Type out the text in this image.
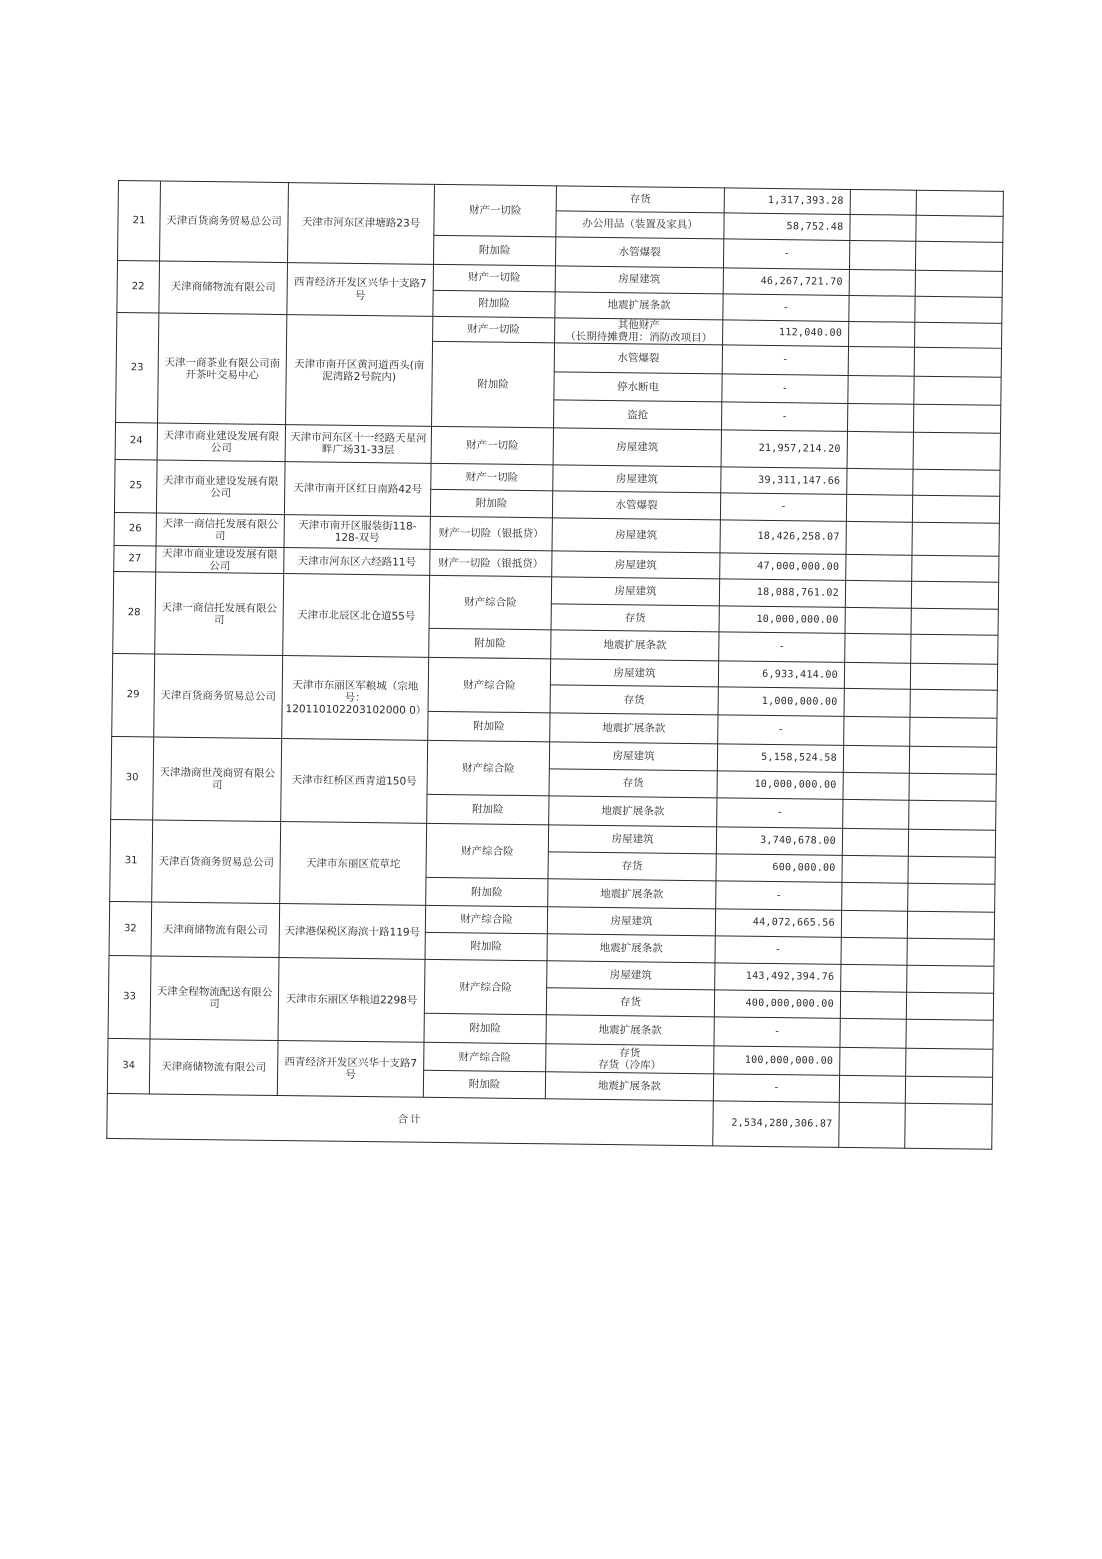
21	天津百货商务贸易总公司	天津市河东区津塘路23号	财产一切险	存货	1,317,393.28		
				办公用品（装置及家具）	58,752.48		
			附加险	水管爆裂	-		
22	天津商储物流有限公司	西青经济开发区兴华十支路7号	财产一切险	房屋建筑	46,267,721.70		
			附加险	地震扩展条款	-		
23	天津一商茶业有限公司南开茶叶交易中心	天津市南开区黄河道西头(南泥湾路2号院内)	财产一切险	其他财产
（长期待摊费用：消防改项目）	112,040.00		
			附加险	水管爆裂	-		
				停水断电	-		
				盗抢	-		
24	天津市商业建设发展有限公司	天津市河东区十一经路天星河畔广场31-33层	财产一切险	房屋建筑	21,957,214.20		
25	天津市商业建设发展有限公司	天津市南开区红日南路42号	财产一切险	房屋建筑	39,311,147.66		
			附加险	水管爆裂	-		
26	天津一商信托发展有限公司	天津市南开区服装街118-128-双号	财产一切险（银抵贷）	房屋建筑	18,426,258.07		
27	天津市商业建设发展有限公司	天津市河东区六经路11号	财产一切险（银抵贷）	房屋建筑	47,000,000.00		
28	天津一商信托发展有限公司	天津市北辰区北仓道55号	财产综合险	房屋建筑	18,088,761.02		
				存货	10,000,000.00		
			附加险	地震扩展条款	-		
29	天津百货商务贸易总公司	天津市东丽区军粮城（宗地号：120110102203102000 0）	财产综合险	房屋建筑	6,933,414.00		
				存货	1,000,000.00		
			附加险	地震扩展条款	-		
30	天津渤商世茂商贸有限公司	天津市红桥区西青道150号	财产综合险	房屋建筑	5,158,524.58		
				存货	10,000,000.00		
			附加险	地震扩展条款	-		
31	天津百货商务贸易总公司	天津市东丽区荒草坨	财产综合险	房屋建筑	3,740,678.00		
				存货	600,000.00		
			附加险	地震扩展条款	-		
32	天津商储物流有限公司	天津港保税区海滨十路119号	财产综合险	房屋建筑	44,072,665.56		
			附加险	地震扩展条款	-		
33	天津全程物流配送有限公司	天津市东丽区华粮道2298号	财产综合险	房屋建筑	143,492,394.76		
				存货	400,000,000.00		
			附加险	地震扩展条款	-		
34	天津商储物流有限公司	西青经济开发区兴华十支路7号	财产综合险	存货
存货（冷库）	100,000,000.00		
			附加险	地震扩展条款	-		
合计					2,534,280,306.87		
